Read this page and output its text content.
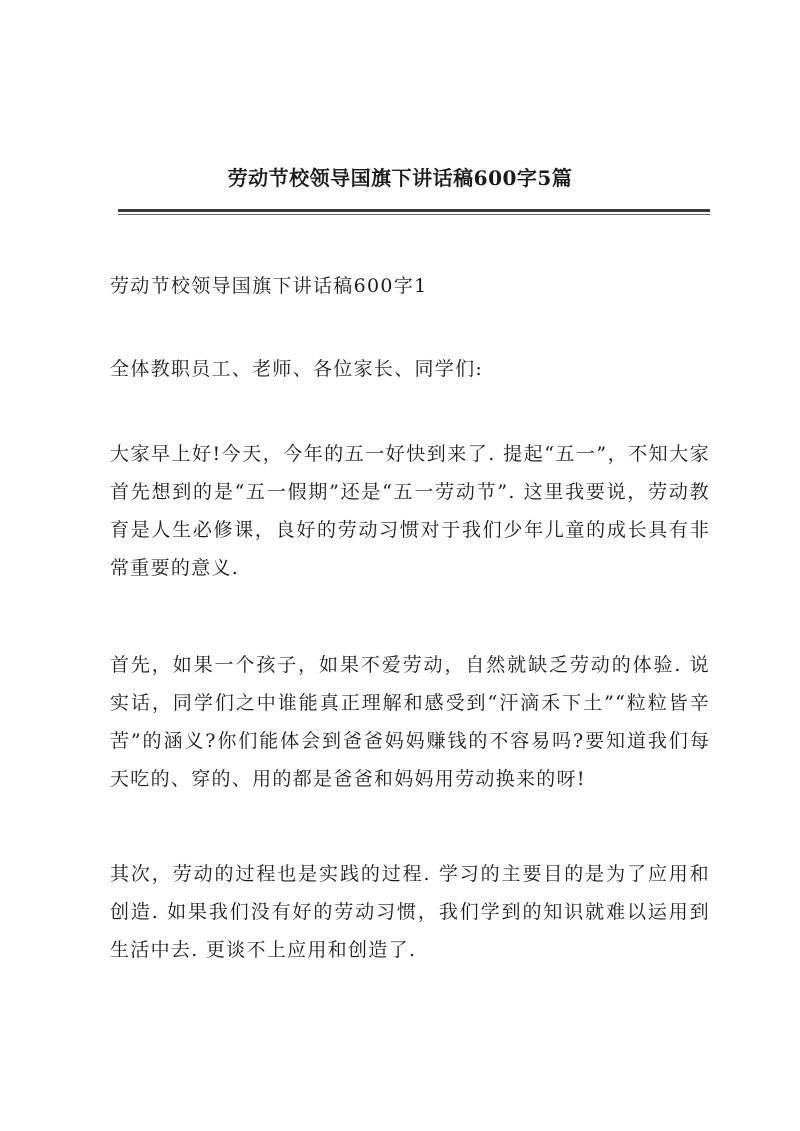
劳动节校领导国旗下讲话稿600字5篇
劳动节校领导国旗下讲话稿600字1
全体教职员工、老师、各位家长、同学们:
大家早上好!今天，今年的五一好快到来了. 提起“五一”，不知大家首先想到的是“五一假期”还是“五一劳动节”. 这里我要说，劳动教育是人生必修课，良好的劳动习惯对于我们少年儿童的成长具有非常重要的意义.
首先，如果一个孩子，如果不爱劳动，自然就缺乏劳动的体验. 说实话，同学们之中谁能真正理解和感受到“汗滴禾下土”“粒粒皆辛苦”的涵义?你们能体会到爸爸妈妈赚钱的不容易吗?要知道我们每天吃的、穿的、用的都是爸爸和妈妈用劳动换来的呀!
其次，劳动的过程也是实践的过程. 学习的主要目的是为了应用和创造. 如果我们没有好的劳动习惯，我们学到的知识就难以运用到生活中去. 更谈不上应用和创造了.
